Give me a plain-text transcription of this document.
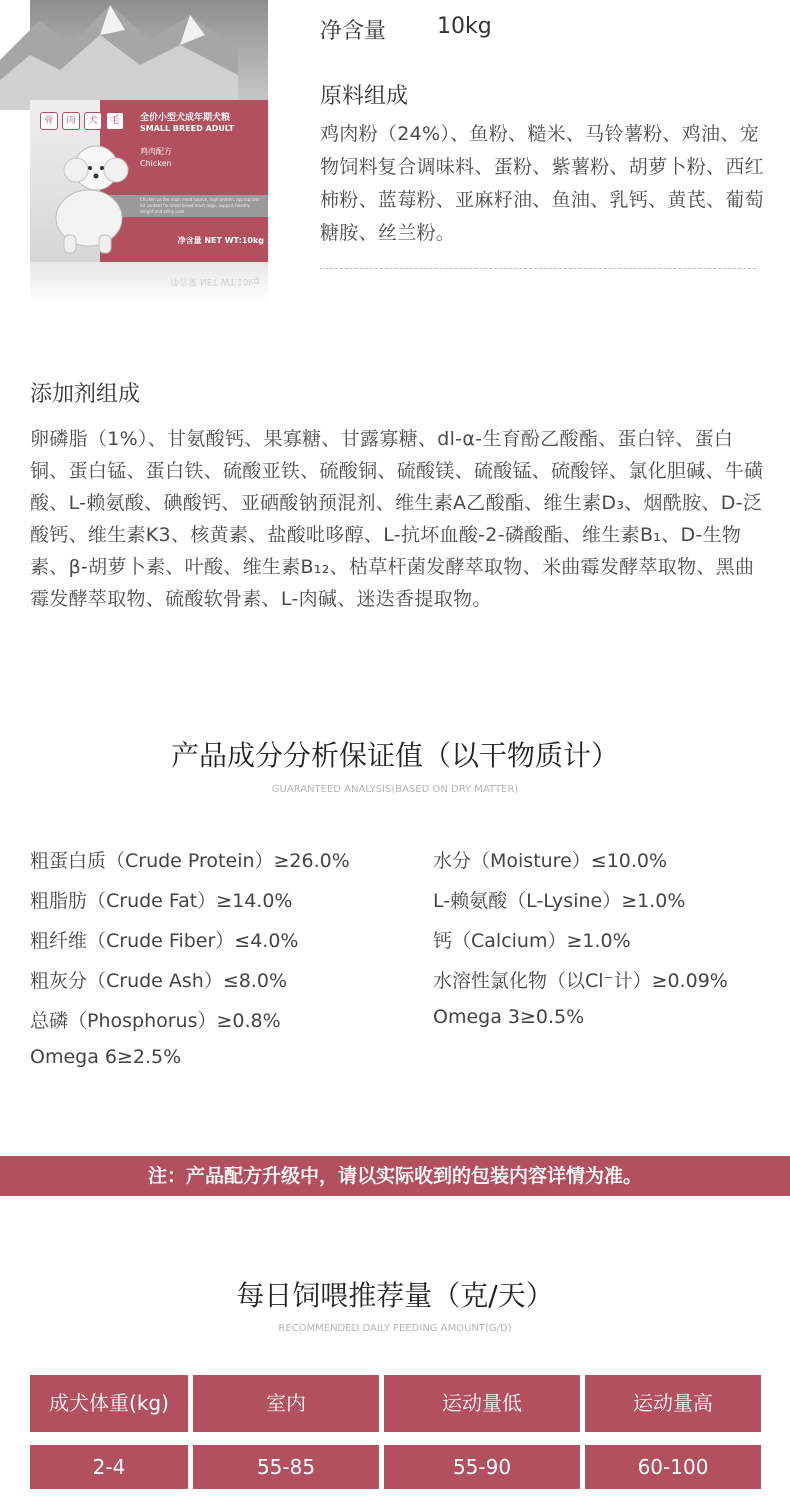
骨	肉	犬	毛	全价小型犬成年期犬粮
SMALL BREED ADULT
鸡肉配方
Chicken
Chicken as the main meat source, high protein, appropriate fat content for small breed adult dogs, support healthy weight and shiny coat.
净含量 NET WT:10kg
净含量 NET WT:10kg
净含量 10kg
原料组成
鸡肉粉（24%）、鱼粉、糙米、马铃薯粉、鸡油、宠物饲料复合调味料、蛋粉、紫薯粉、胡萝卜粉、西红柿粉、蓝莓粉、亚麻籽油、鱼油、乳钙、黄芪、葡萄糖胺、丝兰粉。
添加剂组成
卵磷脂（1%）、甘氨酸钙、果寡糖、甘露寡糖、dl-α-生育酚乙酸酯、蛋白锌、蛋白铜、蛋白锰、蛋白铁、硫酸亚铁、硫酸铜、硫酸镁、硫酸锰、硫酸锌、氯化胆碱、牛磺酸、L-赖氨酸、碘酸钙、亚硒酸钠预混剂、维生素A乙酸酯、维生素D₃、烟酰胺、D-泛酸钙、维生素K3、核黄素、盐酸吡哆醇、L-抗坏血酸-2-磷酸酯、维生素B₁、D-生物素、β-胡萝卜素、叶酸、维生素B₁₂、枯草杆菌发酵萃取物、米曲霉发酵萃取物、黑曲霉发酵萃取物、硫酸软骨素、L-肉碱、迷迭香提取物。
产品成分分析保证值（以干物质计）
GUARANTEED ANALYSIS(BASED ON DRY MATTER)
粗蛋白质（Crude Protein）≥26.0%
粗脂肪（Crude Fat）≥14.0%
粗纤维（Crude Fiber）≤4.0%
粗灰分（Crude Ash）≤8.0%
总磷（Phosphorus）≥0.8%
Omega 6≥2.5%
水分（Moisture）≤10.0%
L-赖氨酸（L-Lysine）≥1.0%
钙（Calcium）≥1.0%
水溶性氯化物（以Cl⁻计）≥0.09%
Omega 3≥0.5%
注：产品配方升级中，请以实际收到的包装内容详情为准。
每日饲喂推荐量（克/天）
RECOMMENDED DAILY FEEDING AMOUNT(G/D)
成犬体重(kg)	室内	运动量低	运动量高
2-4	55-85	55-90	60-100
